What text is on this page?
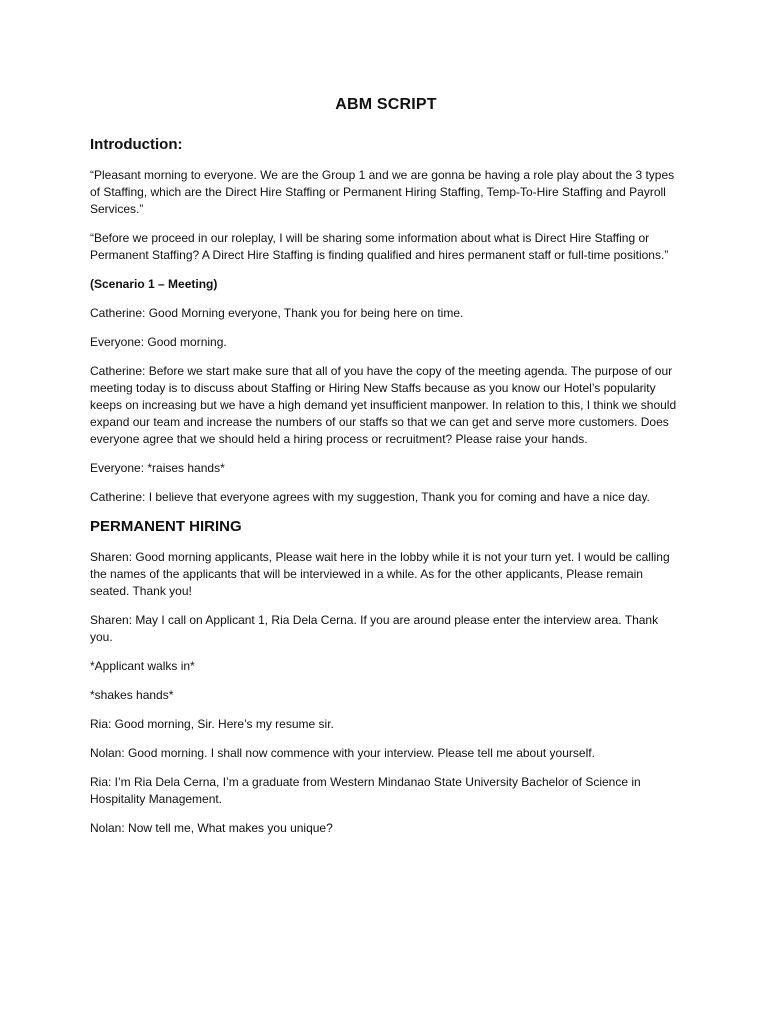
ABM SCRIPT
Introduction:

“Pleasant morning to everyone. We are the Group 1 and we are gonna be having a role play about the 3 types of Staffing, which are the Direct Hire Staffing or Permanent Hiring Staffing, Temp-To-Hire Staffing and Payroll Services.”

“Before we proceed in our roleplay, I will be sharing some information about what is Direct Hire Staffing or Permanent Staffing? A Direct Hire Staffing is finding qualified and hires permanent staff or full-time positions.”

(Scenario 1 – Meeting)

Catherine: Good Morning everyone, Thank you for being here on time.

Everyone: Good morning.

Catherine: Before we start make sure that all of you have the copy of the meeting agenda. The purpose of our meeting today is to discuss about Staffing or Hiring New Staffs because as you know our Hotel’s popularity keeps on increasing but we have a high demand yet insufficient manpower. In relation to this, I think we should expand our team and increase the numbers of our staffs so that we can get and serve more customers. Does everyone agree that we should held a hiring process or recruitment? Please raise your hands.

Everyone: *raises hands*

Catherine: I believe that everyone agrees with my suggestion, Thank you for coming and have a nice day.

PERMANENT HIRING

Sharen: Good morning applicants, Please wait here in the lobby while it is not your turn yet. I would be calling the names of the applicants that will be interviewed in a while. As for the other applicants, Please remain seated. Thank you!

Sharen: May I call on Applicant 1, Ria Dela Cerna. If you are around please enter the interview area. Thank you.

*Applicant walks in*

*shakes hands*

Ria: Good morning, Sir. Here’s my resume sir.

Nolan: Good morning. I shall now commence with your interview. Please tell me about yourself.

Ria: I’m Ria Dela Cerna, I’m a graduate from Western Mindanao State University Bachelor of Science in Hospitality Management.

Nolan: Now tell me, What makes you unique?
